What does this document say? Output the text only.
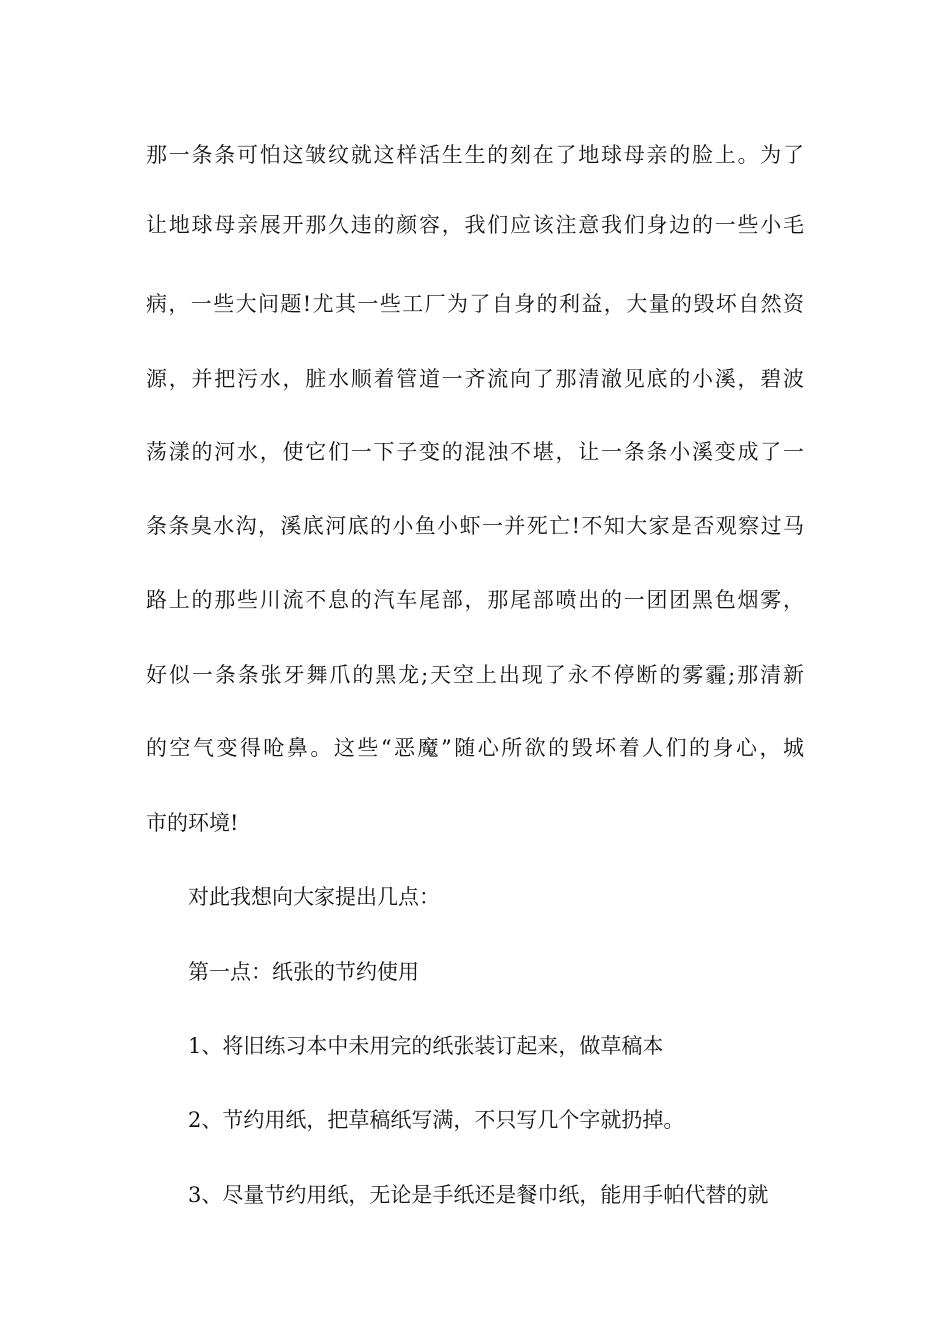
那一条条可怕这皱纹就这样活生生的刻在了地球母亲的脸上。为了
让地球母亲展开那久违的颜容，我们应该注意我们身边的一些小毛
病，一些大问题!尤其一些工厂为了自身的利益，大量的毁坏自然资
源，并把污水，脏水顺着管道一齐流向了那清澈见底的小溪，碧波
荡漾的河水，使它们一下子变的混浊不堪，让一条条小溪变成了一
条条臭水沟，溪底河底的小鱼小虾一并死亡!不知大家是否观察过马
路上的那些川流不息的汽车尾部，那尾部喷出的一团团黑色烟雾，
好似一条条张牙舞爪的黑龙;天空上出现了永不停断的雾霾;那清新
的空气变得呛鼻。这些“恶魔”随心所欲的毁坏着人们的身心，城
市的环境!
对此我想向大家提出几点：
第一点：纸张的节约使用
1、将旧练习本中未用完的纸张装订起来，做草稿本
2、节约用纸，把草稿纸写满，不只写几个字就扔掉。
3、尽量节约用纸，无论是手纸还是餐巾纸，能用手帕代替的就
